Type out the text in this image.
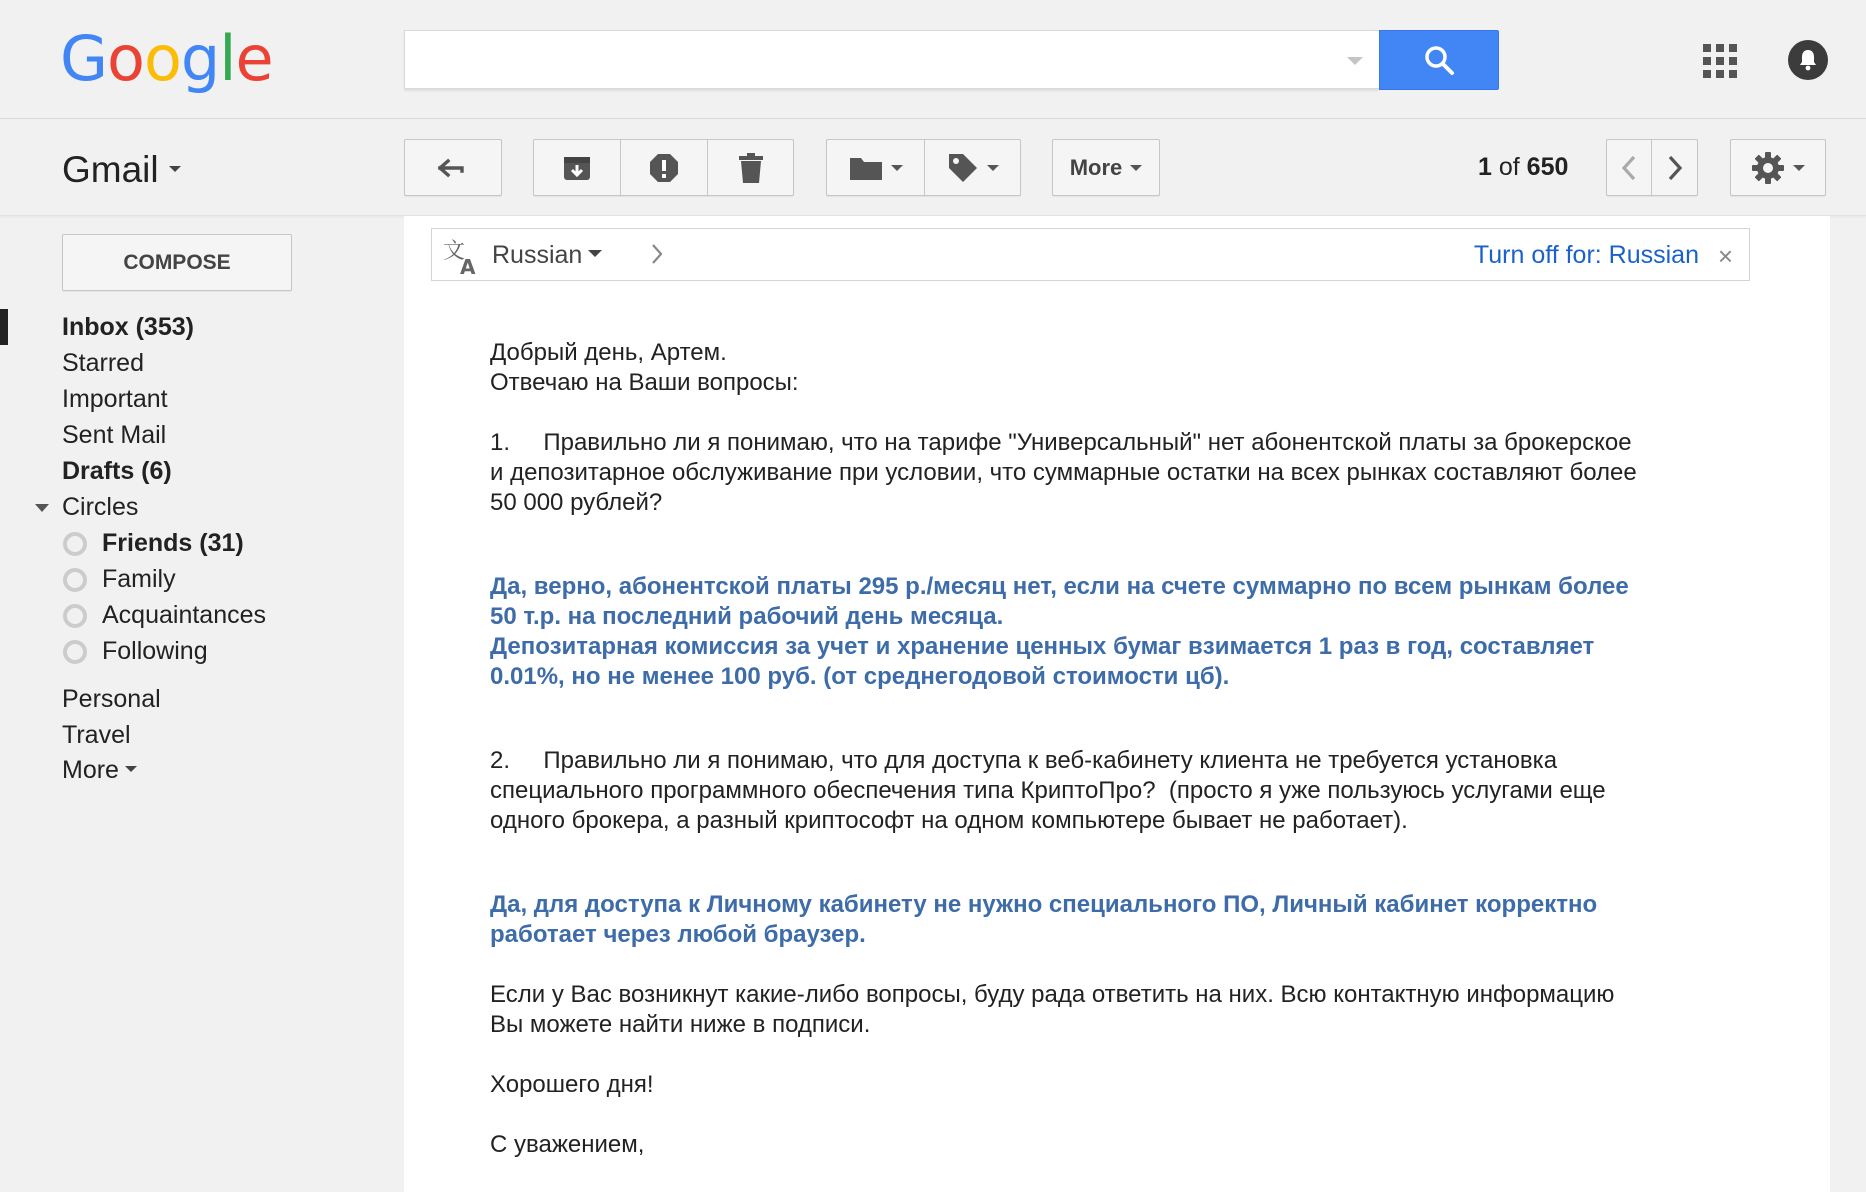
Google
Gmail	More	1 of 650
COMPOSE
Inbox (353)
Starred
Important
Sent Mail
Drafts (6)
Circles
Friends (31)
Family
Acquaintances
Following
Personal
Travel
More
文
A Russian	Turn off for: Russian ×

Добрый день, Артем.
Отвечаю на Ваши вопросы:

1.     Правильно ли я понимаю, что на тарифе "Универсальный" нет абонентской платы за брокерское
и депозитарное обслуживание при условии, что суммарные остатки на всех рынках составляют более
50 000 рублей?

Да, верно, абонентской платы 295 р./месяц нет, если на счете суммарно по всем рынкам более
50 т.р. на последний рабочий день месяца.
Депозитарная комиссия за учет и хранение ценных бумаг взимается 1 раз в год, составляет
0.01%, но не менее 100 руб. (от среднегодовой стоимости цб).

2.     Правильно ли я понимаю, что для доступа к веб-кабинету клиента не требуется установка
специального программного обеспечения типа КриптоПро?  (просто я уже пользуюсь услугами еще
одного брокера, а разный криптософт на одном компьютере бывает не работает).

Да, для доступа к Личному кабинету не нужно специального ПО, Личный кабинет корректно
работает через любой браузер.

Если у Вас возникнут какие-либо вопросы, буду рада ответить на них. Всю контактную информацию
Вы можете найти ниже в подписи.

Хорошего дня!

С уважением,
